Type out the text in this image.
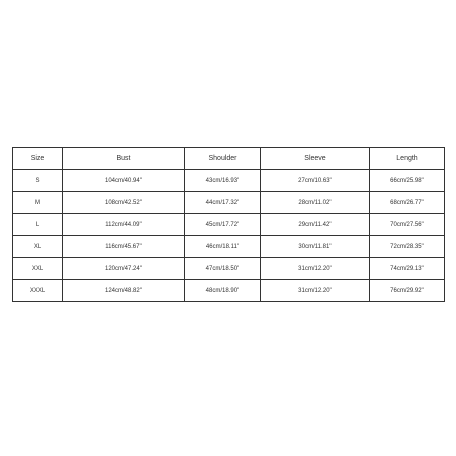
Size	Bust	Shoulder	Sleeve	Length
S	104cm/40.94''	43cm/16.93''	27cm/10.63''	66cm/25.98''
M	108cm/42.52''	44cm/17.32''	28cm/11.02''	68cm/26.77''
L	112cm/44.09''	45cm/17.72''	29cm/11.42''	70cm/27.56''
XL	116cm/45.67''	46cm/18.11''	30cm/11.81''	72cm/28.35''
XXL	120cm/47.24''	47cm/18.50''	31cm/12.20''	74cm/29.13''
XXXL	124cm/48.82''	48cm/18.90''	31cm/12.20''	76cm/29.92''
